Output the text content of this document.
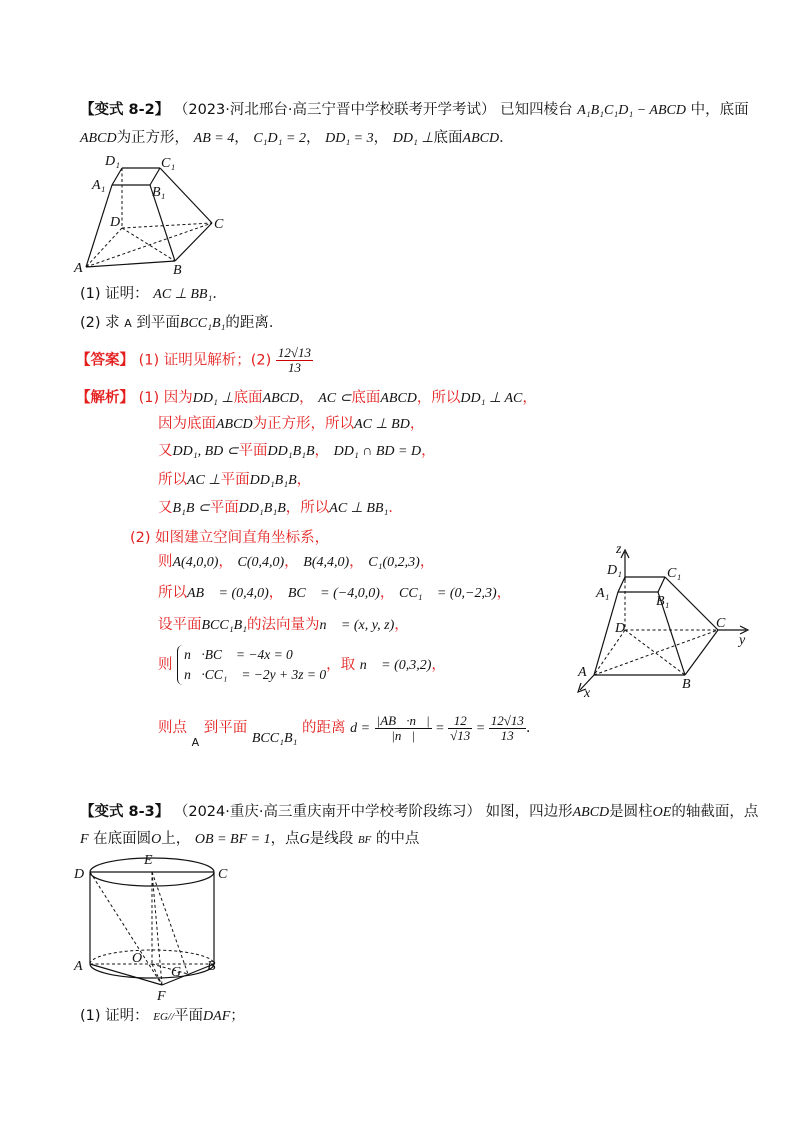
【变式 8-2】 （2023·河北邢台·高三宁晋中学校联考开学考试） 已知四棱台 A₁B₁C₁D₁ − ABCD 中，底面
ABCD为正方形， AB = 4， C₁D₁ = 2， DD₁ = 3， DD₁ ⊥底面ABCD．
D₁	C₁
A₁	B₁
D	C
A	B
(1) 证明： AC ⊥ BB₁．
(2) 求 A 到平面BCC₁B₁的距离．
【答案】 (1) 证明见解析；$(2) \frac{12√13}{13}$
【解析】 (1) 因为DD₁ ⊥底面ABCD， AC ⊂底面ABCD，所以DD₁ ⊥ AC，
因为底面ABCD为正方形，所以AC ⊥ BD，
又DD₁, BD ⊂平面DD₁B₁B， DD₁ ∩ BD = D，
所以AC ⊥平面DD₁B₁B，
又B₁B ⊂平面DD₁B₁B，所以AC ⊥ BB₁．
(2) 如图建立空间直角坐标系，
则A(4,0,0)， C(0,4,0)， B(4,4,0)， C₁(0,2,3)，
所以AB⃗ = (0,4,0)， BC⃗ = (−4,0,0)， CC₁⃗ = (0,−2,3)，
设平面BCC₁B₁的法向量为n⃗ = (x, y, z)，
则
n⃗·BC⃗ = −4x = 0
n⃗·CC₁⃗ = −2y + 3z = 0
，取 n⃗ = (0,3,2)，
则点 $_A$ 到平面 BCC₁B₁ 的距离 $d = \frac{|AB⃗\cdot n⃗|}{|n⃗|} = \frac{12}{√13} = \frac{12√13}{13}$ .
z
D₁	C₁
A₁
B₁
D	C
y
A
B
x
【变式 8-3】 （2024·重庆·高三重庆南开中学校考阶段练习） 如图，四边形ABCD是圆柱OE的轴截面，点
F 在底面圆O上， OB = BF = 1，点G是线段 BF 的中点
E
D	C
O
A	G B
F
(1) 证明： EG//平面DAF；
